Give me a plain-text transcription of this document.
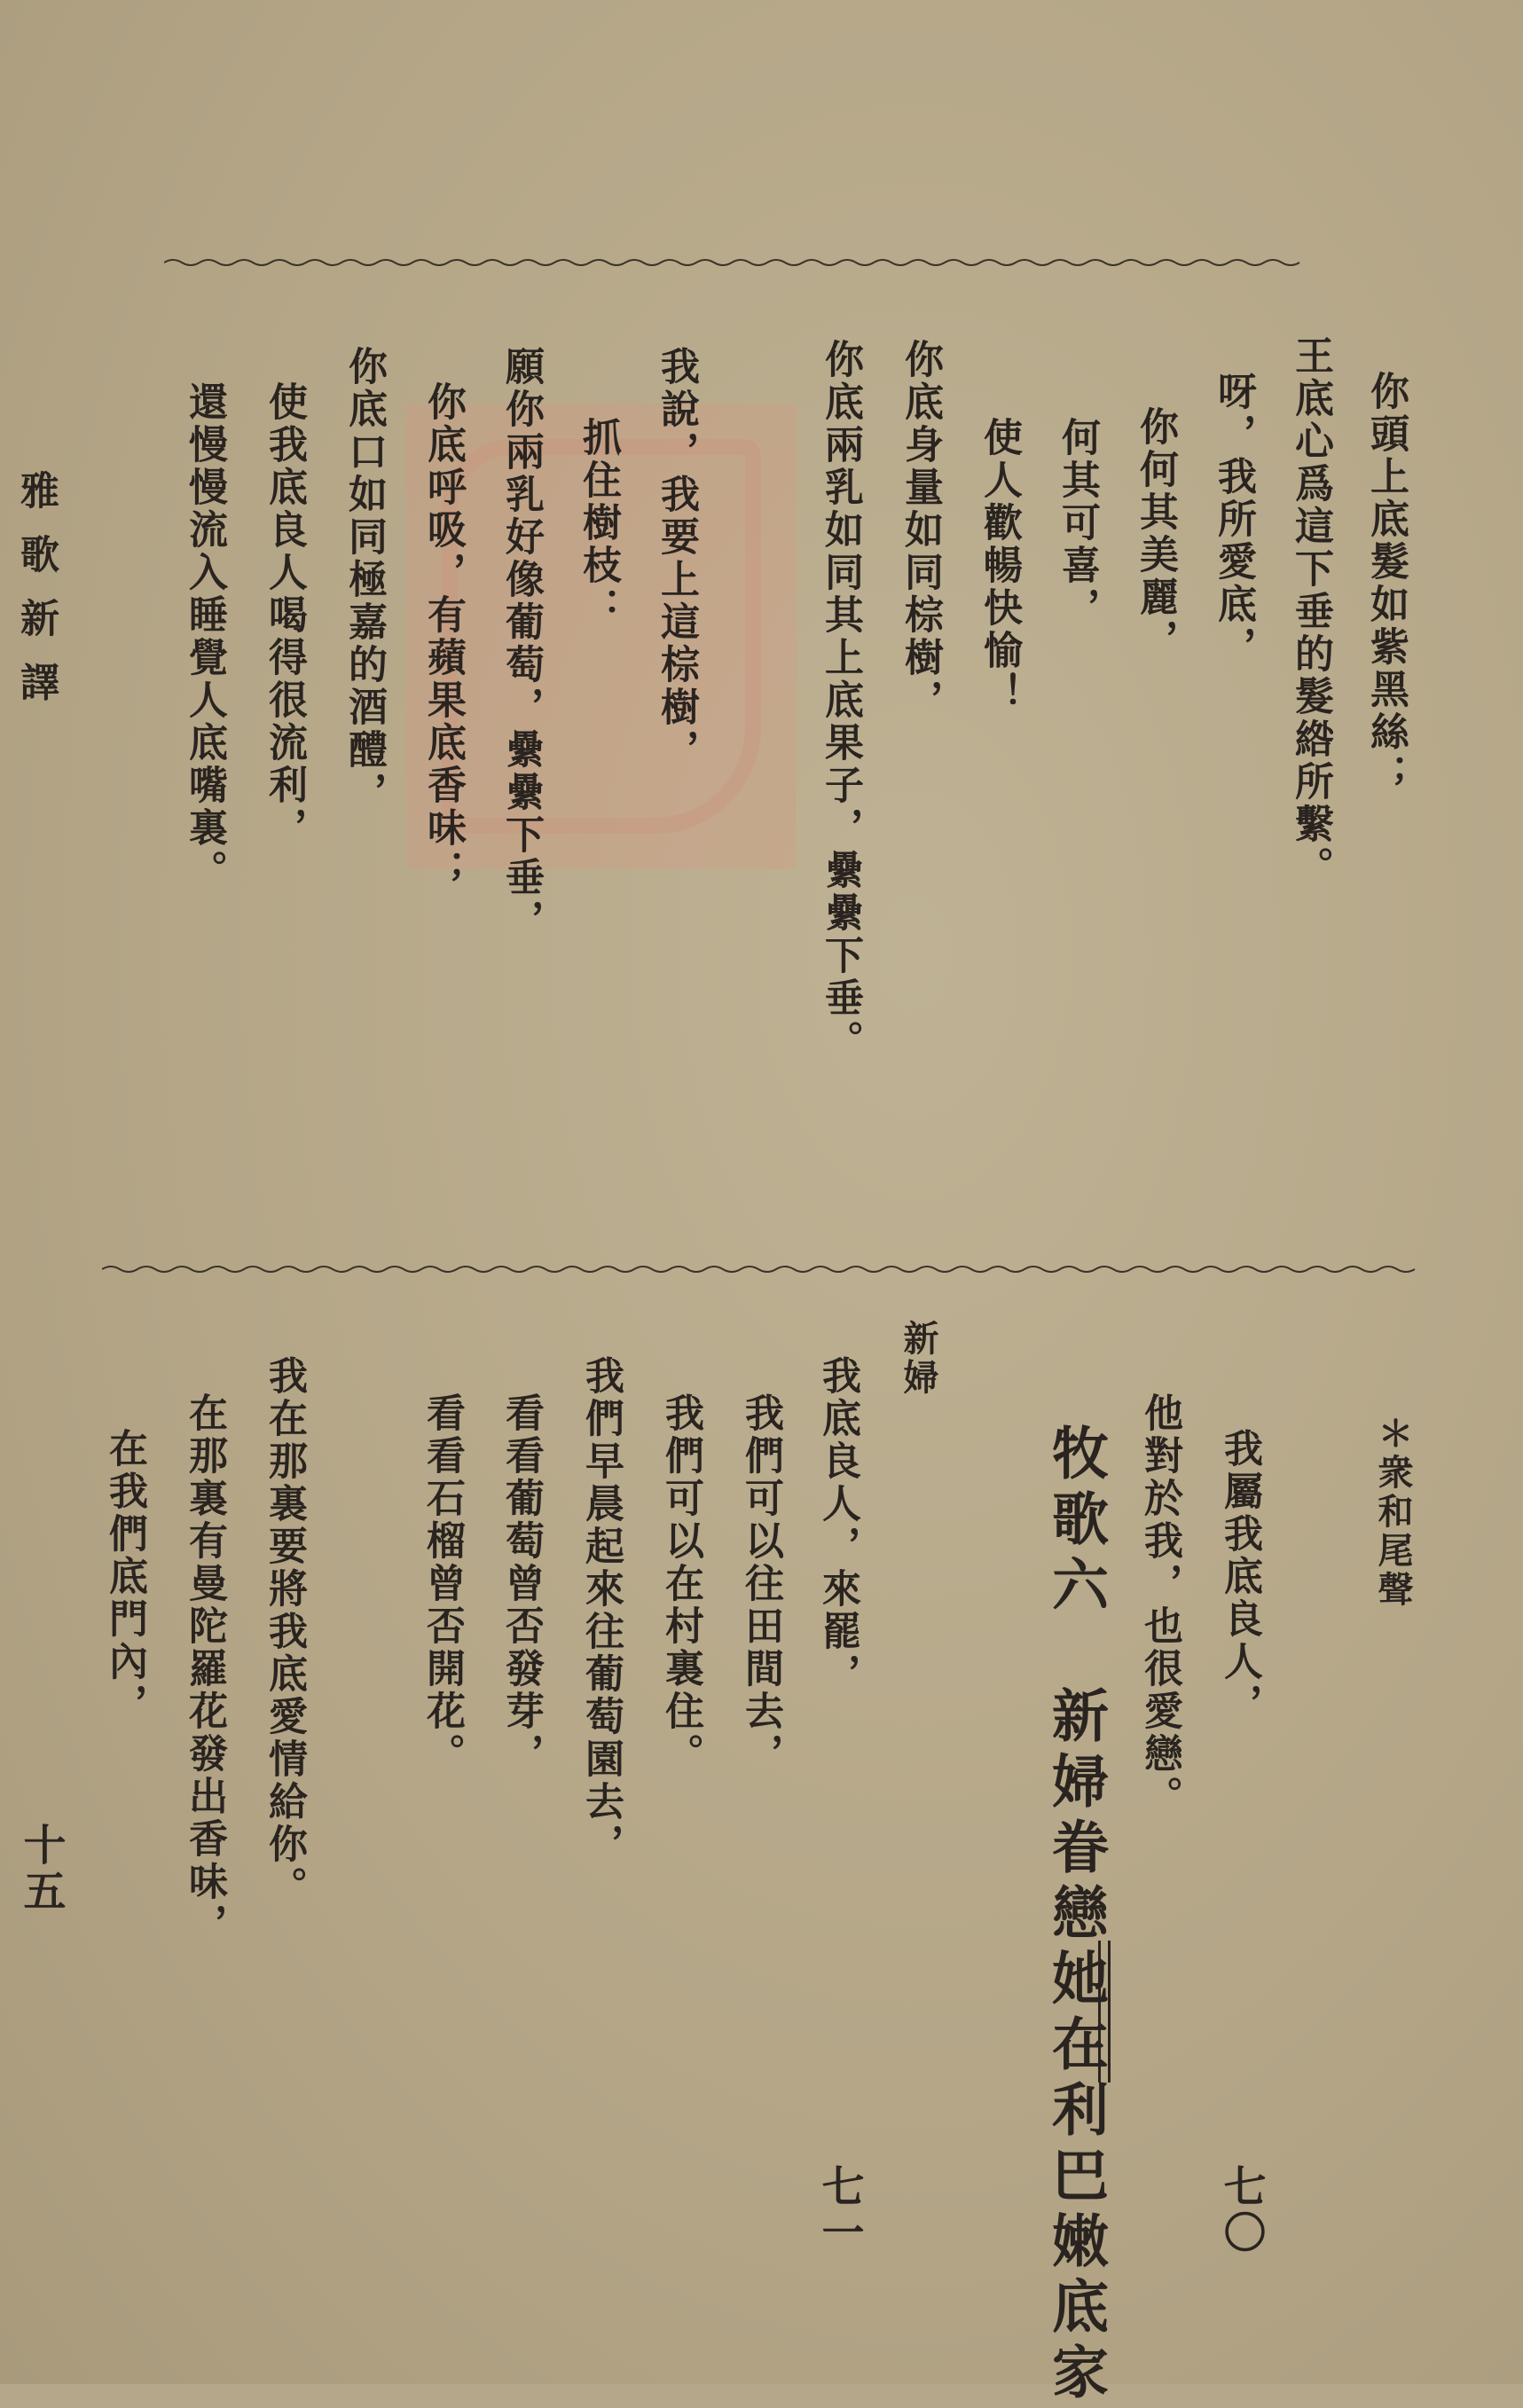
你頭上底髮如紫黑絲；
王底心爲這下垂的髮綹所繫。
呀，我所愛底，
你何其美麗，
何其可喜，
使人歡暢快愉！
你底身量如同棕樹，
你底兩乳如同其上底果子，纍纍下垂。
我說，我要上這棕樹，
抓住樹枝：
願你兩乳好像葡萄，纍纍下垂，
你底呼吸，有蘋果底香味；
你底口如同極嘉的酒醴，
使我底良人喝得很流利，
還慢慢流入睡覺人底嘴裏。
雅歌新譯
＊衆和尾聲
我屬我底良人，
他對於我，也很愛戀。
七〇
牧歌六　新婦眷戀她在利巴嫩底家
新婦
我底良人，來罷，
我們可以往田間去，
我們可以在村裏住。
我們早晨起來往葡萄園去，
看看葡萄曾否發芽，
看看石榴曾否開花。
我在那裏要將我底愛情給你。
在那裏有曼陀羅花發出香味，
在我們底門內，
七一
十五
